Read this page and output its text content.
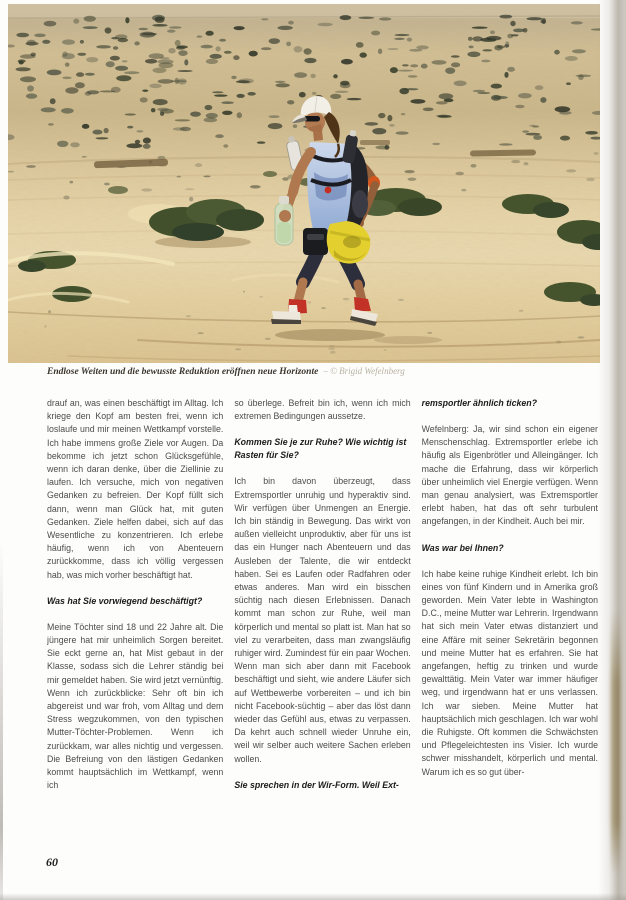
Endlose Weiten und die bewusste Reduktion eröffnen neue Horizonte – © Brigid Wefelnberg

drauf an, was einen beschäftigt im Alltag. Ich kriege den Kopf am besten frei, wenn ich loslaufe und mir meinen Wettkampf vorstelle. Ich habe immens große Ziele vor Augen. Da bekomme ich jetzt schon Glücksgefühle, wenn ich daran denke, über die Ziellinie zu laufen. Ich versuche, mich von negativen Gedanken zu befreien. Der Kopf füllt sich dann, wenn man Glück hat, mit guten Gedanken. Ziele helfen dabei, sich auf das Wesentliche zu konzentrieren. Ich erlebe häufig, wenn ich von Abenteuern zurückkomme, dass ich völlig vergessen hab, was mich vorher beschäftigt hat.

Was hat Sie vorwiegend beschäftigt?

Meine Töchter sind 18 und 22 Jahre alt. Die jüngere hat mir unheimlich Sorgen bereitet. Sie eckt gerne an, hat Mist gebaut in der Klasse, sodass sich die Lehrer ständig bei mir gemeldet haben. Sie wird jetzt vernünftig. Wenn ich zurückblicke: Sehr oft bin ich abgereist und war froh, vom Alltag und dem Stress wegzukommen, von den typischen Mutter-Töchter-Problemen. Wenn ich zurückkam, war alles nichtig und vergessen. Die Befreiung von den lästigen Gedanken kommt hauptsächlich im Wettkampf, wenn ich

so überlege. Befreit bin ich, wenn ich mich extremen Bedingungen aussetze.

Kommen Sie je zur Ruhe? Wie wichtig ist Rasten für Sie?

Ich bin davon überzeugt, dass Extremsportler unruhig und hyperaktiv sind. Wir verfügen über Unmengen an Energie. Ich bin ständig in Bewegung. Das wirkt von außen vielleicht unproduktiv, aber für uns ist das ein Hunger nach Abenteuern und das Ausleben der Talente, die wir entdeckt haben. Sei es Laufen oder Radfahren oder etwas anderes. Man wird ein bisschen süchtig nach diesen Erlebnissen. Danach kommt man schon zur Ruhe, weil man körperlich und mental so platt ist. Man hat so viel zu verarbeiten, dass man zwangsläufig ruhiger wird. Zumindest für ein paar Wochen. Wenn man sich aber dann mit Facebook beschäftigt und sieht, wie andere Läufer sich auf Wettbewerbe vorbereiten – und ich bin nicht Facebook-süchtig – aber das löst dann wieder das Gefühl aus, etwas zu verpassen. Da kehrt auch schnell wieder Unruhe ein, weil wir selber auch weitere Sachen erleben wollen.

Sie sprechen in der Wir-Form. Weil Ext-
remsportler ähnlich ticken?

Wefelnberg: Ja, wir sind schon ein eigener Menschenschlag. Extremsportler erlebe ich häufig als Eigenbrötler und Alleingänger. Ich mache die Erfahrung, dass wir körperlich über unheimlich viel Energie verfügen. Wenn man genau analysiert, was Extremsportler erlebt haben, hat das oft sehr turbulent angefangen, in der Kindheit. Auch bei mir.

Was war bei Ihnen?

Ich habe keine ruhige Kindheit erlebt. Ich bin eines von fünf Kindern und in Amerika groß geworden. Mein Vater lebte in Washington D.C., meine Mutter war Lehrerin. Irgendwann hat sich mein Vater etwas distanziert und eine Affäre mit seiner Sekretärin begonnen und meine Mutter hat es erfahren. Sie hat angefangen, heftig zu trinken und wurde gewalttätig. Mein Vater war immer häufiger weg, und irgendwann hat er uns verlassen. Ich war sieben. Meine Mutter hat hauptsächlich mich geschlagen. Ich war wohl die Ruhigste. Oft kommen die Schwächsten und Pflegeleichtesten ins Visier. Ich wurde schwer misshandelt, körperlich und mental. Warum ich es so gut über-

60
